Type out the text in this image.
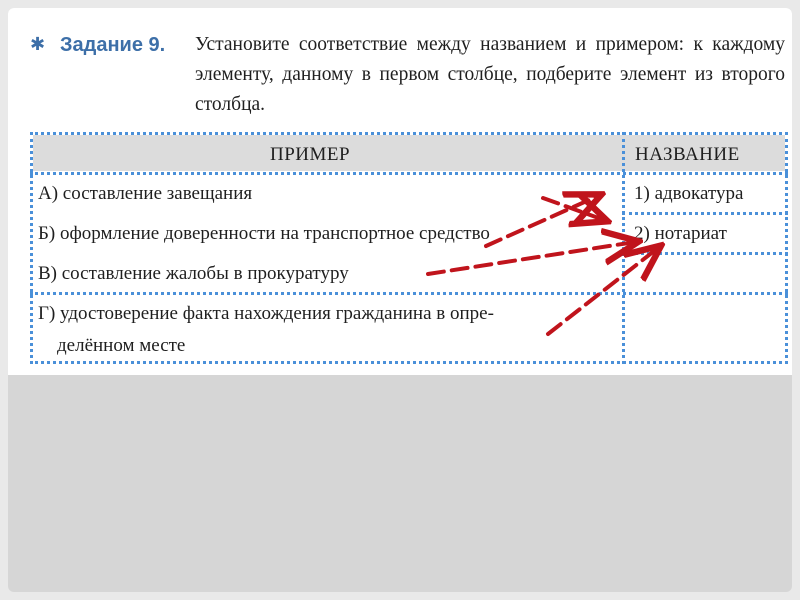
✱ Задание 9. Установите соответствие между названием и примером: к каждому элементу, данному в первом столбце, подберите элемент из второго столбца.
ПРИМЕР	НАЗВАНИЕ
А) составление завещания
Б) оформление доверенности на транспортное средство
В) составление жалобы в прокуратуру
Г) удостоверение факта нахождения гражданина в опре-
делённом месте
1) адвокатура
2) нотариат
